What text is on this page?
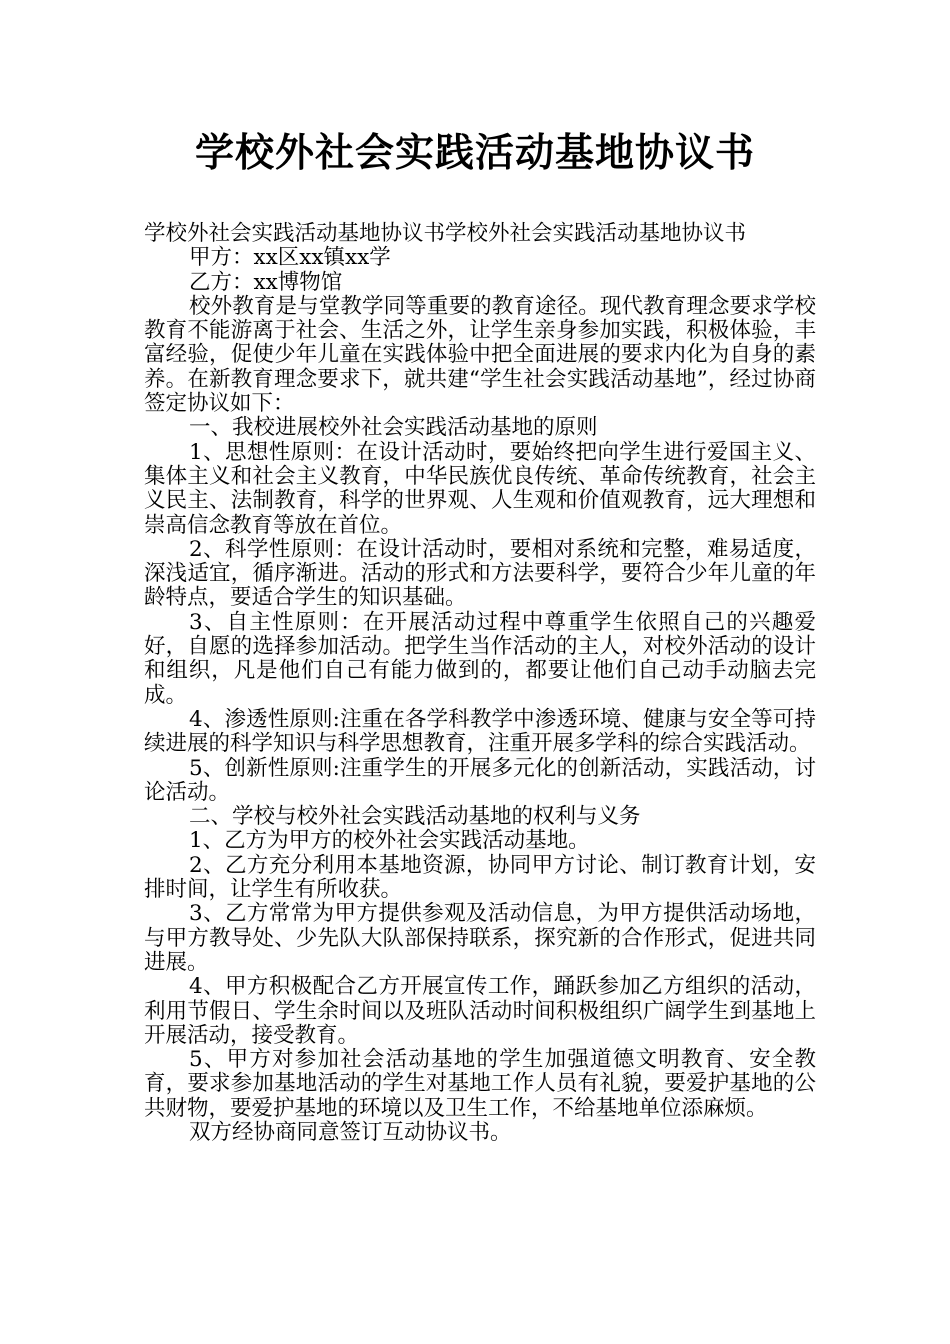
学校外社会实践活动基地协议书

学校外社会实践活动基地协议书学校外社会实践活动基地协议书

甲方：xx区xx镇xx学

乙方：xx博物馆

校外教育是与堂教学同等重要的教育途径。现代教育理念要求学校教育不能游离于社会、生活之外，让学生亲身参加实践，积极体验，丰富经验，促使少年儿童在实践体验中把全面进展的要求内化为自身的素养。在新教育理念要求下，就共建“学生社会实践活动基地”，经过协商签定协议如下：

一、我校进展校外社会实践活动基地的原则

1、思想性原则：在设计活动时，要始终把向学生进行爱国主义、集体主义和社会主义教育，中华民族优良传统、革命传统教育，社会主义民主、法制教育，科学的世界观、人生观和价值观教育，远大理想和崇高信念教育等放在首位。

2、科学性原则：在设计活动时，要相对系统和完整，难易适度，深浅适宜，循序渐进。活动的形式和方法要科学，要符合少年儿童的年龄特点，要适合学生的知识基础。

3、自主性原则：在开展活动过程中尊重学生依照自己的兴趣爱好，自愿的选择参加活动。把学生当作活动的主人，对校外活动的设计和组织，凡是他们自己有能力做到的，都要让他们自己动手动脑去完成。

4、渗透性原则:注重在各学科教学中渗透环境、健康与安全等可持续进展的科学知识与科学思想教育，注重开展多学科的综合实践活动。

5、创新性原则:注重学生的开展多元化的创新活动，实践活动，讨论活动。

二、学校与校外社会实践活动基地的权利与义务

1、乙方为甲方的校外社会实践活动基地。

2、乙方充分利用本基地资源，协同甲方讨论、制订教育计划，安排时间，让学生有所收获。

3、乙方常常为甲方提供参观及活动信息，为甲方提供活动场地，与甲方教导处、少先队大队部保持联系，探究新的合作形式，促进共同进展。

4、甲方积极配合乙方开展宣传工作，踊跃参加乙方组织的活动，利用节假日、学生余时间以及班队活动时间积极组织广阔学生到基地上开展活动，接受教育。

5、甲方对参加社会活动基地的学生加强道德文明教育、安全教育，要求参加基地活动的学生对基地工作人员有礼貌，要爱护基地的公共财物，要爱护基地的环境以及卫生工作，不给基地单位添麻烦。

双方经协商同意签订互动协议书。
